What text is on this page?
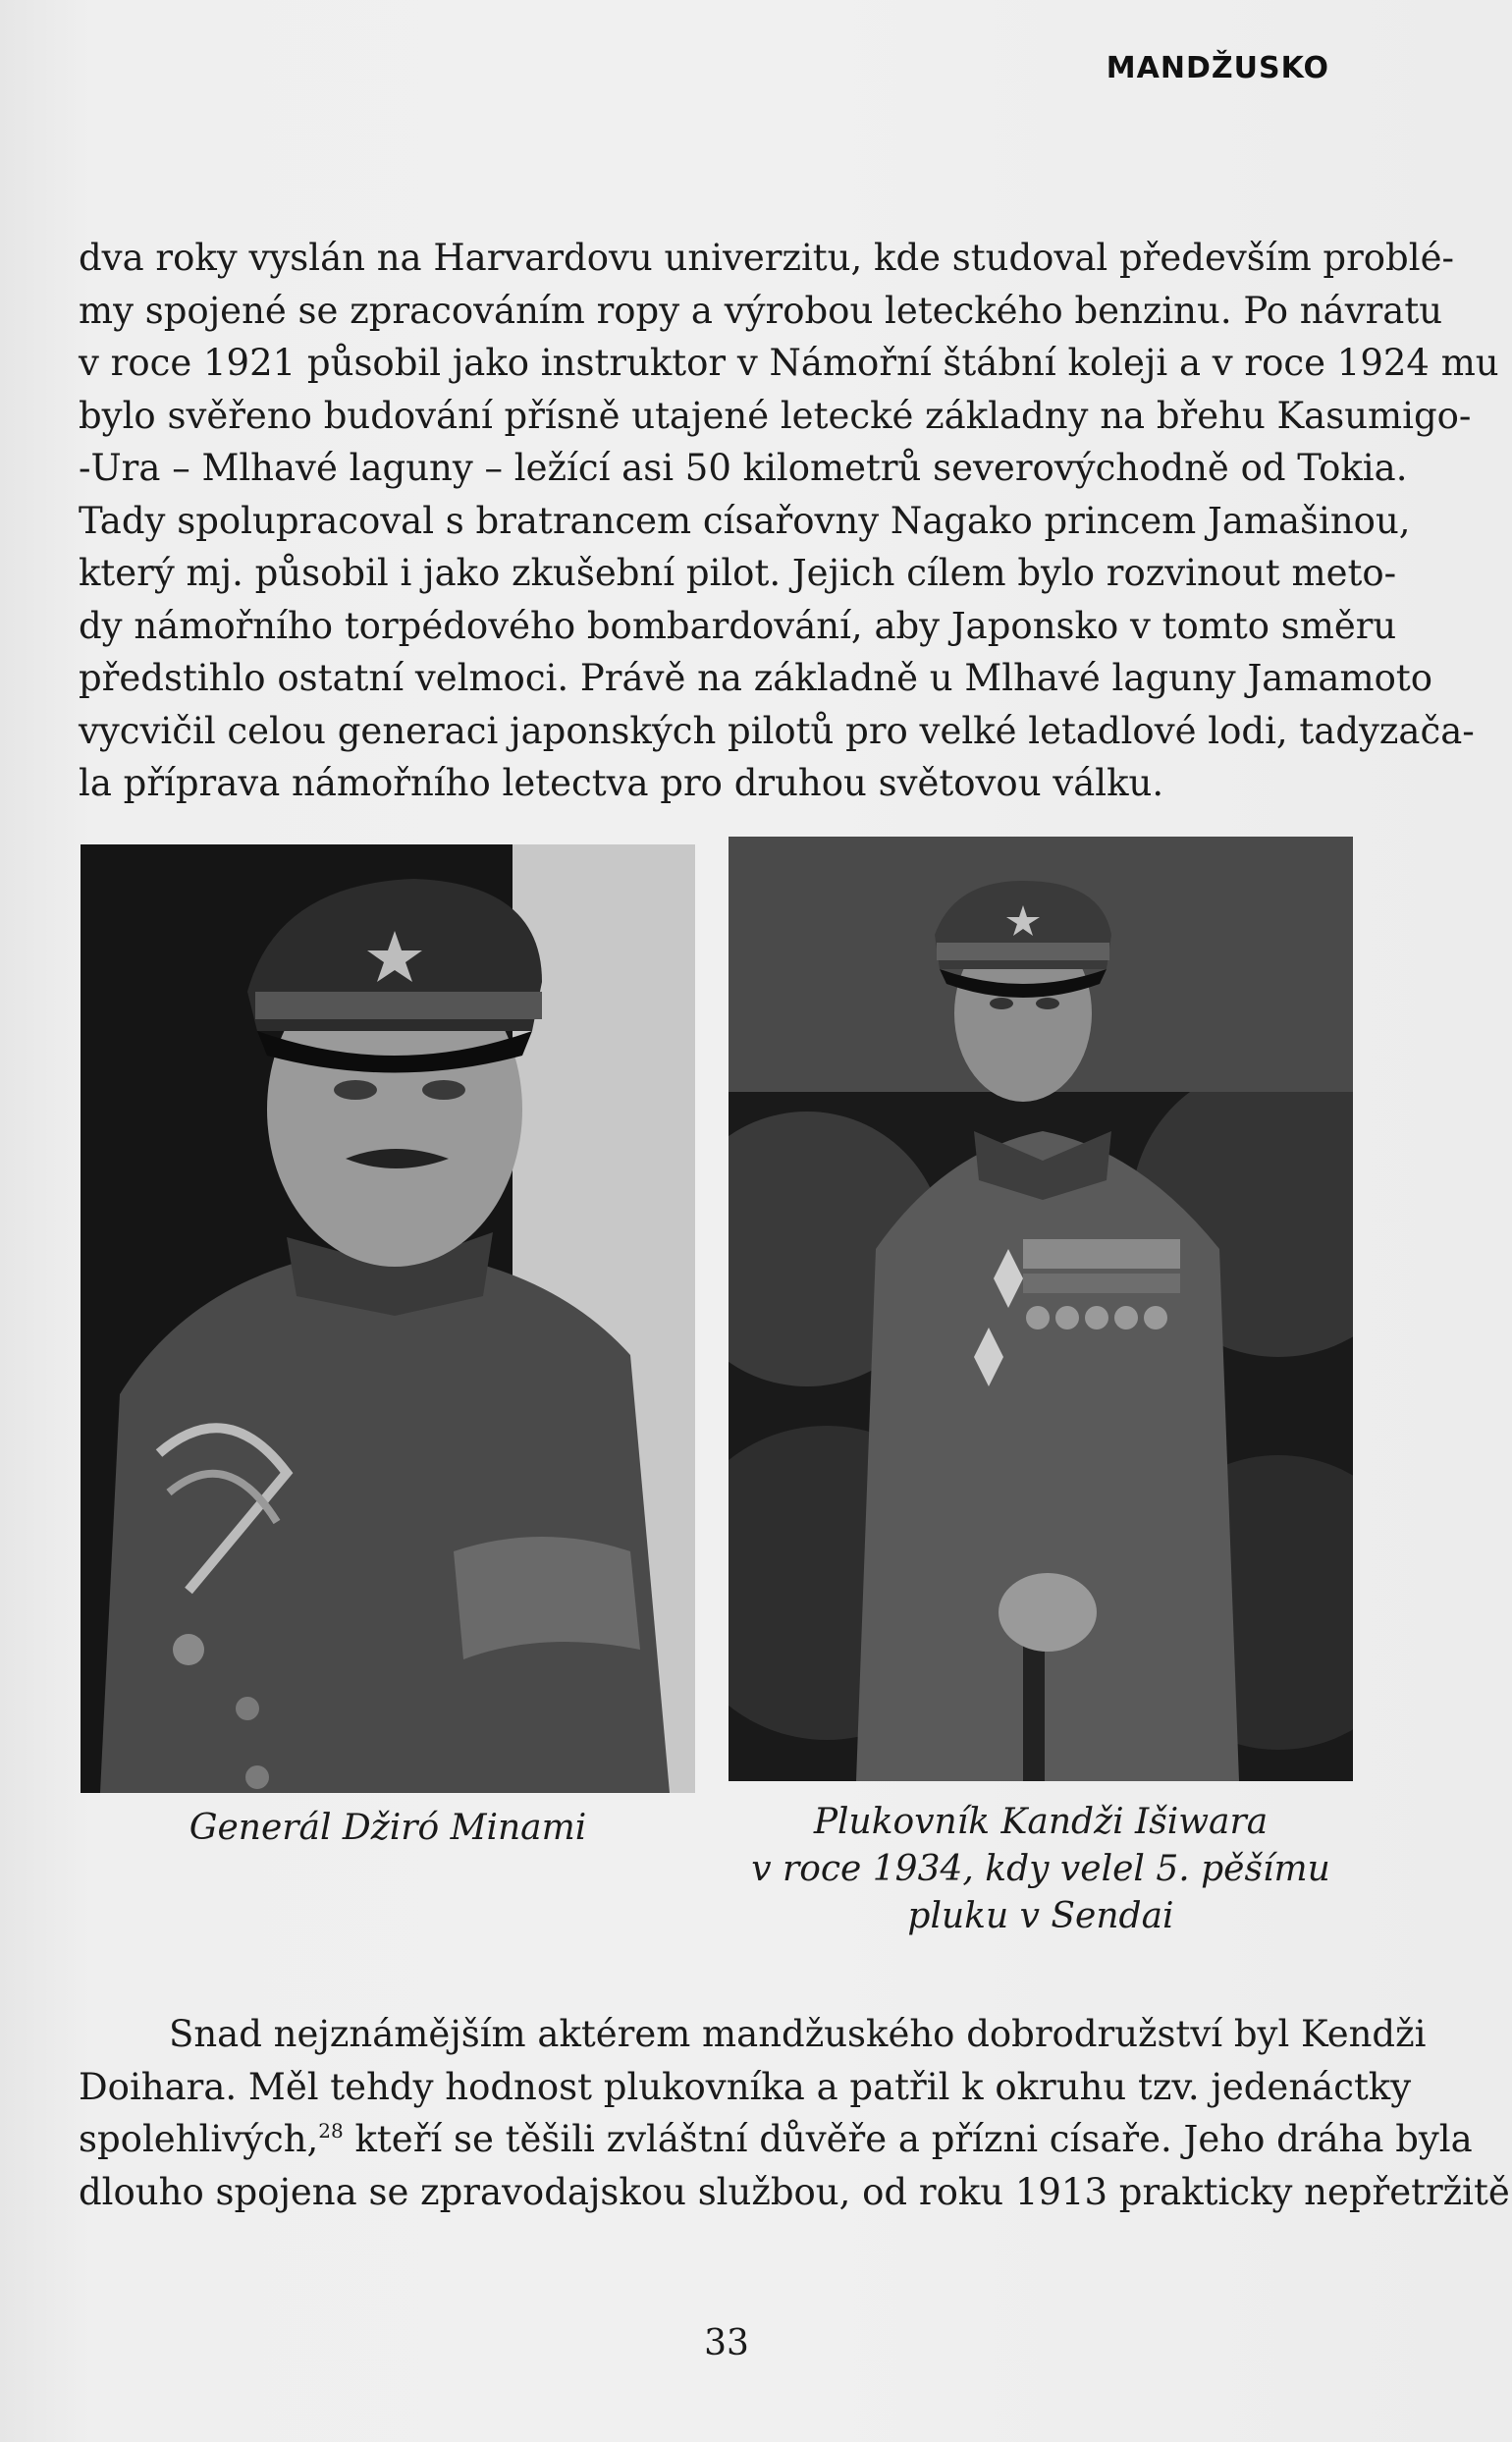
MANDŽUSKO

dva roky vyslán na Harvardovu univerzitu, kde studoval především problé-
my spojené se zpracováním ropy a výrobou leteckého benzinu. Po návratu
v roce 1921 působil jako instruktor v Námořní štábní koleji a v roce 1924 mu
bylo svěřeno budování přísně utajené letecké základny na břehu Kasumigo-
-Ura – Mlhavé laguny – ležící asi 50 kilometrů severovýchodně od Tokia.
Tady spolupracoval s bratrancem císařovny Nagako princem Jamašinou,
který mj. působil i jako zkušební pilot. Jejich cílem bylo rozvinout meto-
dy námořního torpédového bombardování, aby Japonsko v tomto směru
předstihlo ostatní velmoci. Právě na základně u Mlhavé laguny Jamamoto
vycvičil celou generaci japonských pilotů pro velké letadlové lodi, tadyzača-
la příprava námořního letectva pro druhou světovou válku.

Generál Džiró Minami	Plukovník Kandži Išiwara
v roce 1934, kdy velel 5. pěšímu
pluku v Sendai

Snad nejznámějším aktérem mandžuského dobrodružství byl Kendži
Doihara. Měl tehdy hodnost plukovníka a patřil k okruhu tzv. jedenáctky
spolehlivých,$^{28}$ kteří se těšili zvláštní důvěře a přízni císaře. Jeho dráha byla
dlouho spojena se zpravodajskou službou, od roku 1913 prakticky nepřetržitě

33
